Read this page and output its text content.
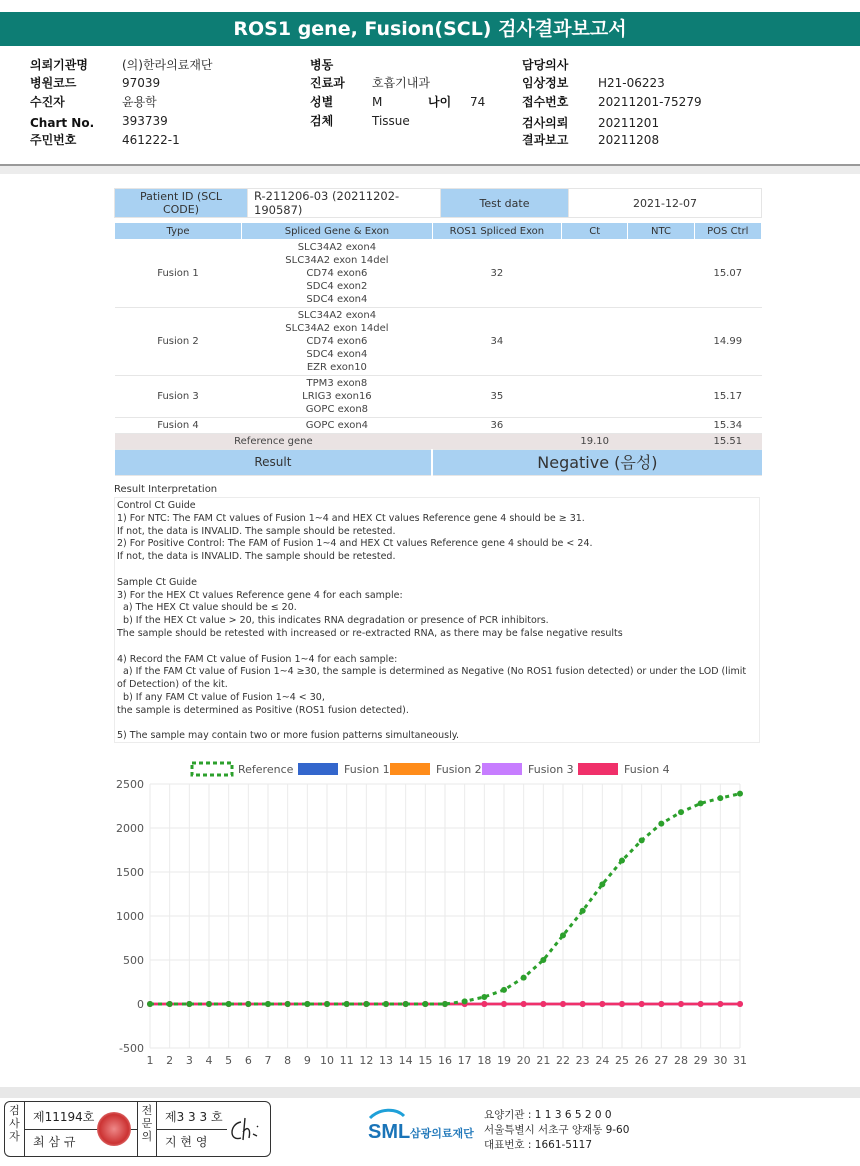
ROS1 gene, Fusion(SCL) 검사결과보고서
의뢰기관명	(의)한라의료재단
병원코드	97039
수진자	윤용학
Chart No. 393739
주민번호	461222-1
병동
진료과 호흡기내과
성별	M	나이 74
검체	Tissue
담당의사
임상정보 H21-06223
접수번호 20211201-75279
검사의뢰 20211201
결과보고 20211208
Patient ID (SCL CODE)	R-211206-03 (20211202-190587)	Test date	2021-12-07
Type	Spliced Gene & Exon	ROS1 Spliced Exon	Ct	NTC	POS Ctrl
Fusion 1	SLC34A2 exon4
SLC34A2 exon 14del
CD74 exon6
SDC4 exon2
SDC4 exon4	32			15.07
Fusion 2	SLC34A2 exon4
SLC34A2 exon 14del
CD74 exon6
SDC4 exon4
EZR exon10	34			14.99
Fusion 3	TPM3 exon8
LRIG3 exon16
GOPC exon8	35			15.17
Fusion 4	GOPC exon4	36			15.34
Reference gene			19.10		15.51
Result		Negative (음성)			
Result Interpretation
Control Ct Guide
1) For NTC: The FAM Ct values of Fusion 1~4 and HEX Ct values Reference gene 4 should be ≥ 31.
If not, the data is INVALID. The sample should be retested.
2) For Positive Control: The FAM of Fusion 1~4 and HEX Ct values Reference gene 4 should be < 24.
If not, the data is INVALID. The sample should be retested.

Sample Ct Guide
3) For the HEX Ct values Reference gene 4 for each sample:
a) The HEX Ct value should be ≤ 20.
b) If the HEX Ct value > 20, this indicates RNA degradation or presence of PCR inhibitors.
The sample should be retested with increased or re-extracted RNA, as there may be false negative results

4) Record the FAM Ct value of Fusion 1~4 for each sample:
a) If the FAM Ct value of Fusion 1~4 ≥30, the sample is determined as Negative (No ROS1 fusion detected) or under the LOD (limit of Detection) of the kit.
b) If any FAM Ct value of Fusion 1~4 < 30,
the sample is determined as Positive (ROS1 fusion detected).

5) The sample may contain two or more fusion patterns simultaneously.
-500
0
500
1000
1500
2000
2500
1 2 3 4 5 6 7 8 9 10 11 12 13 14 15 16 17 18 19 20 21 22 23 24 25 26 27 28 29 30 31
Reference	Fusion 1	Fusion 2	Fusion 3	Fusion 4
검사자
제11194호
최 삼 규
전문의
제3 3 3 호
지 현 영	SML 삼광의료재단
요양기관 : 1 1 3 6 5 2 0 0
서울특별시 서초구 양재동 9-60
대표번호 : 1661-5117
